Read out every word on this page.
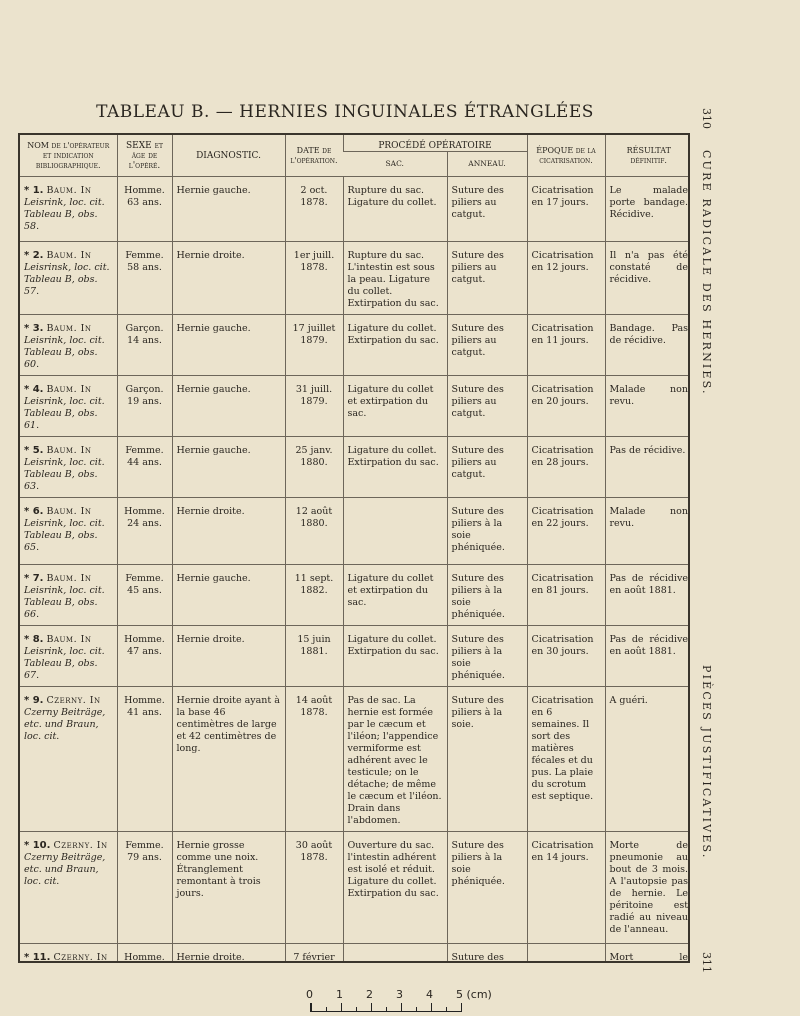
TABLEAU B. — HERNIES INGUINALES ÉTRANGLÉES	310
CURE RADICALE DES HERNIES.
PIÈCES JUSTIFICATIVES.
311
NOM de l'opérateur et indication bibliographique.	SEXE et âge de l'opéré.	DIAGNOSTIC.	DATE de l'opération.	PROCÉDÉ OPÉRATOIRE		ÉPOQUE de la cicatrisation.	RÉSULTAT définitif.
				SAC.	ANNEAU.		
* 1. Baum. In Leisrink, loc. cit. Tableau B, obs. 58.	Homme. 63 ans.	Hernie gauche.	2 oct. 1878.	Rupture du sac. Ligature du collet.	Suture des piliers au catgut.	Cicatrisation en 17 jours.	Le malade porte bandage. Récidive.
* 2. Baum. In Leisrinsk, loc. cit. Tableau B, obs. 57.	Femme. 58 ans.	Hernie droite.	1er juill. 1878.	Rupture du sac. L'intestin est sous la peau. Ligature du collet. Extirpation du sac.	Suture des piliers au catgut.	Cicatrisation en 12 jours.	Il n'a pas été constaté de récidive.
* 3. Baum. In Leisrink, loc. cit. Tableau B, obs. 60.	Garçon. 14 ans.	Hernie gauche.	17 juillet 1879.	Ligature du collet. Extirpation du sac.	Suture des piliers au catgut.	Cicatrisation en 11 jours.	Bandage. Pas de récidive.
* 4. Baum. In Leisrink, loc. cit. Tableau B, obs. 61.	Garçon. 19 ans.	Hernie gauche.	31 juill. 1879.	Ligature du collet et extirpation du sac.	Suture des piliers au catgut.	Cicatrisation en 20 jours.	Malade non revu.
* 5. Baum. In Leisrink, loc. cit. Tableau B, obs. 63.	Femme. 44 ans.	Hernie gauche.	25 janv. 1880.	Ligature du collet. Extirpation du sac.	Suture des piliers au catgut.	Cicatrisation en 28 jours.	Pas de récidive.
* 6. Baum. In Leisrink, loc. cit. Tableau B, obs. 65.	Homme. 24 ans.	Hernie droite.	12 août 1880.		Suture des piliers à la soie phéniquée.	Cicatrisation en 22 jours.	Malade non revu.
* 7. Baum. In Leisrink, loc. cit. Tableau B, obs. 66.	Femme. 45 ans.	Hernie gauche.	11 sept. 1882.	Ligature du collet et extirpation du sac.	Suture des piliers à la soie phéniquée.	Cicatrisation en 81 jours.	Pas de récidive en août 1881.
* 8. Baum. In Leisrink, loc. cit. Tableau B, obs. 67.	Homme. 47 ans.	Hernie droite.	15 juin 1881.	Ligature du collet. Extirpation du sac.	Suture des piliers à la soie phéniquée.	Cicatrisation en 30 jours.	Pas de récidive en août 1881.
* 9. Czerny. In Czerny Beiträge, etc. und Braun, loc. cit.	Homme. 41 ans.	Hernie droite ayant à la base 46 centimètres de large et 42 centimètres de long.	14 août 1878.	Pas de sac. La hernie est formée par le cæcum et l'iléon; l'appendice vermiforme est adhérent avec le testicule; on le détache; de même le cæcum et l'iléon. Drain dans l'abdomen.	Suture des piliers à la soie.	Cicatrisation en 6 semaines. Il sort des matières fécales et du pus. La plaie du scrotum est septique.	A guéri.
* 10. Czerny. In Czerny Beiträge, etc. und Braun, loc. cit.	Femme. 79 ans.	Hernie grosse comme une noix. Étranglement remontant à trois jours.	30 août 1878.	Ouverture du sac. l'intestin adhérent est isolé et réduit. Ligature du collet. Extirpation du sac.	Suture des piliers à la soie phéniquée.	Cicatrisation en 14 jours.	Morte de pneumonie au bout de 3 mois. A l'autopsie pas de hernie. Le péritoine est radié au niveau de l'anneau.
* 11. Czerny. In	Homme.	Hernie droite.	7 février		Suture des		Mort le

0 1 2 3 4 5 (cm)
